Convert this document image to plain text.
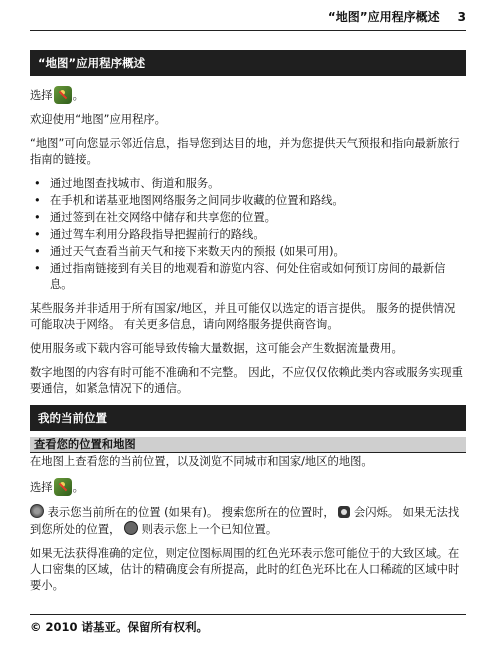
“地图”应用程序概述 3
“地图”应用程序概述

选择 。

欢迎使用“地图”应用程序。

“地图”可向您显示邻近信息，指导您到达目的地，并为您提供天气预报和指向最新旅行指南的链接。

• 通过地图查找城市、街道和服务。
• 在手机和诺基亚地图网络服务之间同步收藏的位置和路线。
• 通过签到在社交网络中储存和共享您的位置。
• 通过驾车利用分路段指导把握前行的路线。
• 通过天气查看当前天气和接下来数天内的预报 (如果可用)。
• 通过指南链接到有关目的地观看和游览内容、何处住宿或如何预订房间的最新信息。

某些服务并非适用于所有国家/地区，并且可能仅以选定的语言提供。 服务的提供情况可能取决于网络。 有关更多信息，请向网络服务提供商咨询。

使用服务或下载内容可能导致传输大量数据，这可能会产生数据流量费用。

数字地图的内容有时可能不准确和不完整。 因此，不应仅仅依赖此类内容或服务实现重要通信，如紧急情况下的通信。

我的当前位置
查看您的位置和地图

在地图上查看您的当前位置，以及浏览不同城市和国家/地区的地图。

选择 。

表示您当前所在的位置 (如果有)。 搜索您所在的位置时， 会闪烁。 如果无法找到您所处的位置， 则表示您上一个已知位置。

如果无法获得准确的定位，则定位图标周围的红色光环表示您可能位于的大致区域。在人口密集的区域，估计的精确度会有所提高，此时的红色光环比在人口稀疏的区域中时要小。

© 2010 诺基亚。保留所有权利。
